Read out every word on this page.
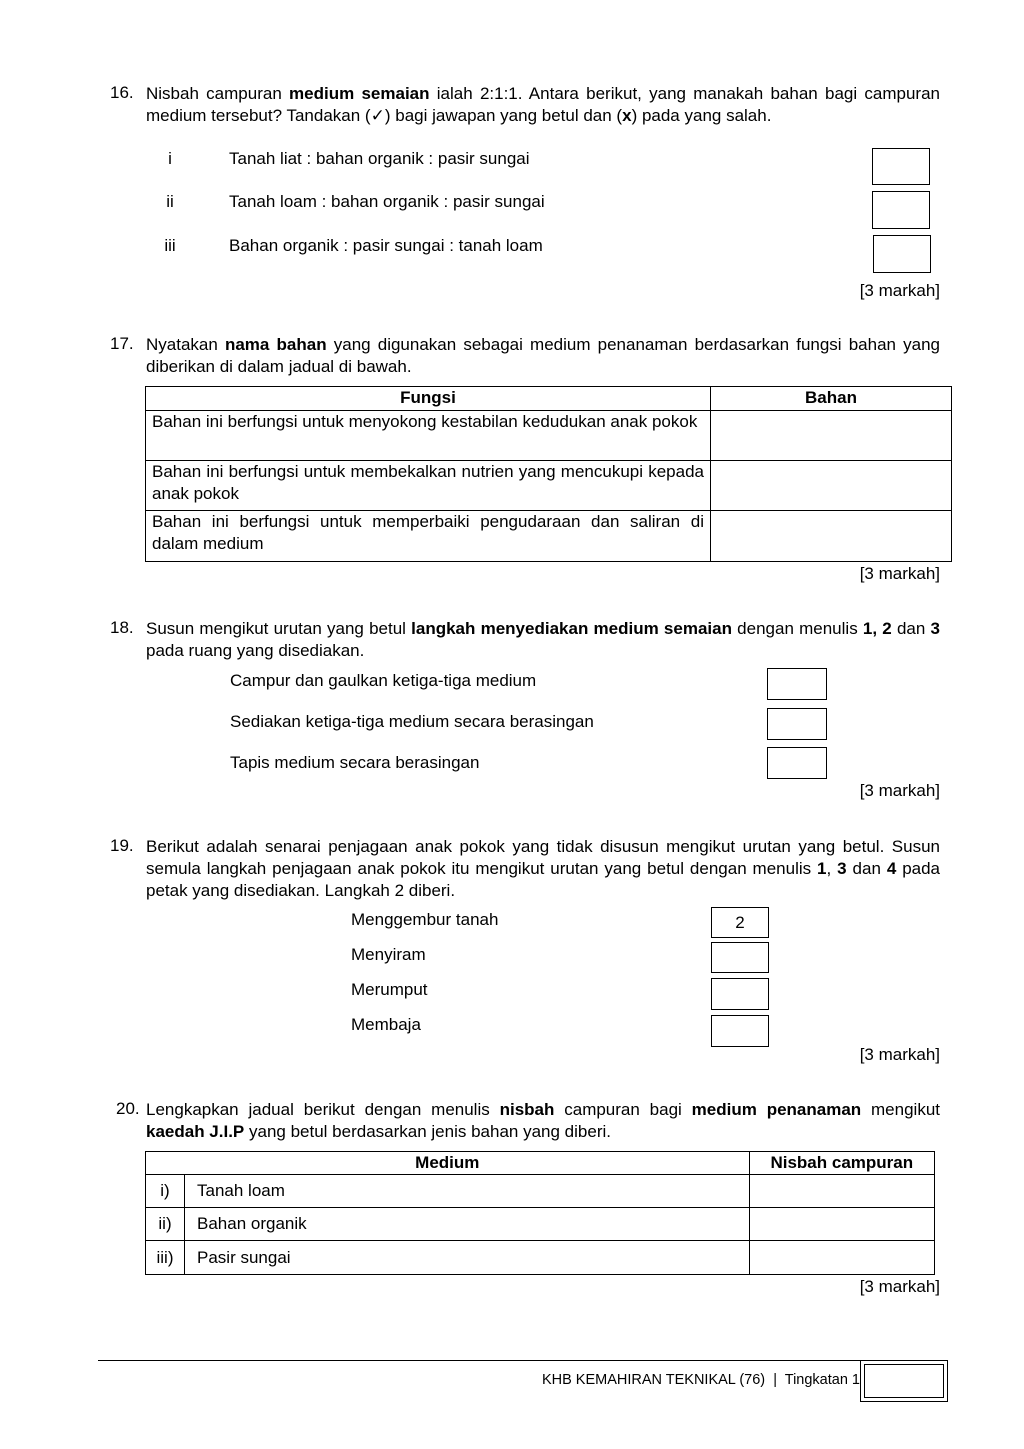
16. Nisbah campuran medium semaian ialah 2:1:1. Antara berikut, yang manakah bahan bagi campuran medium tersebut? Tandakan (✓) bagi jawapan yang betul dan (x) pada yang salah.
i	Tanah liat : bahan organik : pasir sungai
ii	Tanah loam : bahan organik : pasir sungai
iii	Bahan organik : pasir sungai : tanah loam
[3 markah]
17. Nyatakan nama bahan yang digunakan sebagai medium penanaman berdasarkan fungsi bahan yang diberikan di dalam jadual di bawah.
Fungsi	Bahan
Bahan ini berfungsi untuk menyokong kestabilan kedudukan anak pokok	
Bahan ini berfungsi untuk membekalkan nutrien yang mencukupi kepada anak pokok	
Bahan ini berfungsi untuk memperbaiki pengudaraan dan saliran di dalam medium	
[3 markah]
18. Susun mengikut urutan yang betul langkah menyediakan medium semaian dengan menulis 1, 2 dan 3 pada ruang yang disediakan.
Campur dan gaulkan ketiga-tiga medium
Sediakan ketiga-tiga medium secara berasingan
Tapis medium secara berasingan
[3 markah]
19. Berikut adalah senarai penjagaan anak pokok yang tidak disusun mengikut urutan yang betul. Susun semula langkah penjagaan anak pokok itu mengikut urutan yang betul dengan menulis 1, 3 dan 4 pada petak yang disediakan. Langkah 2 diberi.
Menggembur tanah	2
Menyiram
Merumput
Membaja
[3 markah]
20. Lengkapkan jadual berikut dengan menulis nisbah campuran bagi medium penanaman mengikut kaedah J.I.P yang betul berdasarkan jenis bahan yang diberi.
Medium		Nisbah campuran
i)	Tanah loam	
ii)	Bahan organik	
iii)	Pasir sungai	
[3 markah]
KHB KEMAHIRAN TEKNIKAL (76)  |  Tingkatan 1
